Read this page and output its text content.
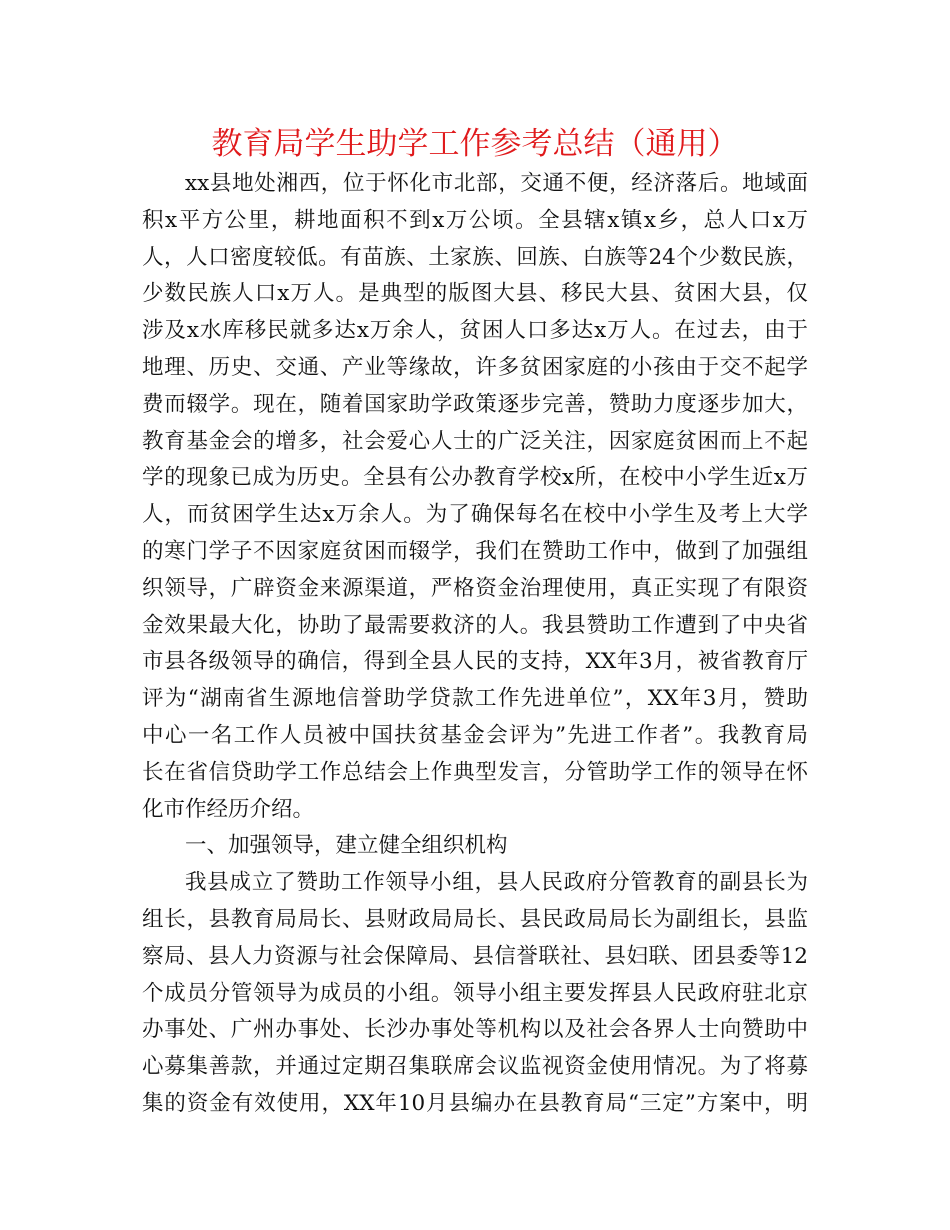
教育局学生助学工作参考总结（通用）
xx县地处湘西，位于怀化市北部，交通不便，经济落后。地域面
积x平方公里，耕地面积不到x万公顷。全县辖x镇x乡，总人口x万
人，人口密度较低。有苗族、土家族、回族、白族等24个少数民族，
少数民族人口x万人。是典型的版图大县、移民大县、贫困大县，仅
涉及x水库移民就多达x万余人，贫困人口多达x万人。在过去，由于
地理、历史、交通、产业等缘故，许多贫困家庭的小孩由于交不起学
费而辍学。现在，随着国家助学政策逐步完善，赞助力度逐步加大，
教育基金会的增多，社会爱心人士的广泛关注，因家庭贫困而上不起
学的现象已成为历史。全县有公办教育学校x所，在校中小学生近x万
人，而贫困学生达x万余人。为了确保每名在校中小学生及考上大学
的寒门学子不因家庭贫困而辍学，我们在赞助工作中，做到了加强组
织领导，广辟资金来源渠道，严格资金治理使用，真正实现了有限资
金效果最大化，协助了最需要救济的人。我县赞助工作遭到了中央省
市县各级领导的确信，得到全县人民的支持，XX年3月，被省教育厅
评为“湖南省生源地信誉助学贷款工作先进单位”，XX年3月，赞助
中心一名工作人员被中国扶贫基金会评为”先进工作者”。我教育局
长在省信贷助学工作总结会上作典型发言，分管助学工作的领导在怀
化市作经历介绍。
一、加强领导，建立健全组织机构
我县成立了赞助工作领导小组，县人民政府分管教育的副县长为
组长，县教育局局长、县财政局局长、县民政局局长为副组长，县监
察局、县人力资源与社会保障局、县信誉联社、县妇联、团县委等12
个成员分管领导为成员的小组。领导小组主要发挥县人民政府驻北京
办事处、广州办事处、长沙办事处等机构以及社会各界人士向赞助中
心募集善款，并通过定期召集联席会议监视资金使用情况。为了将募
集的资金有效使用，XX年10月县编办在县教育局“三定”方案中，明
